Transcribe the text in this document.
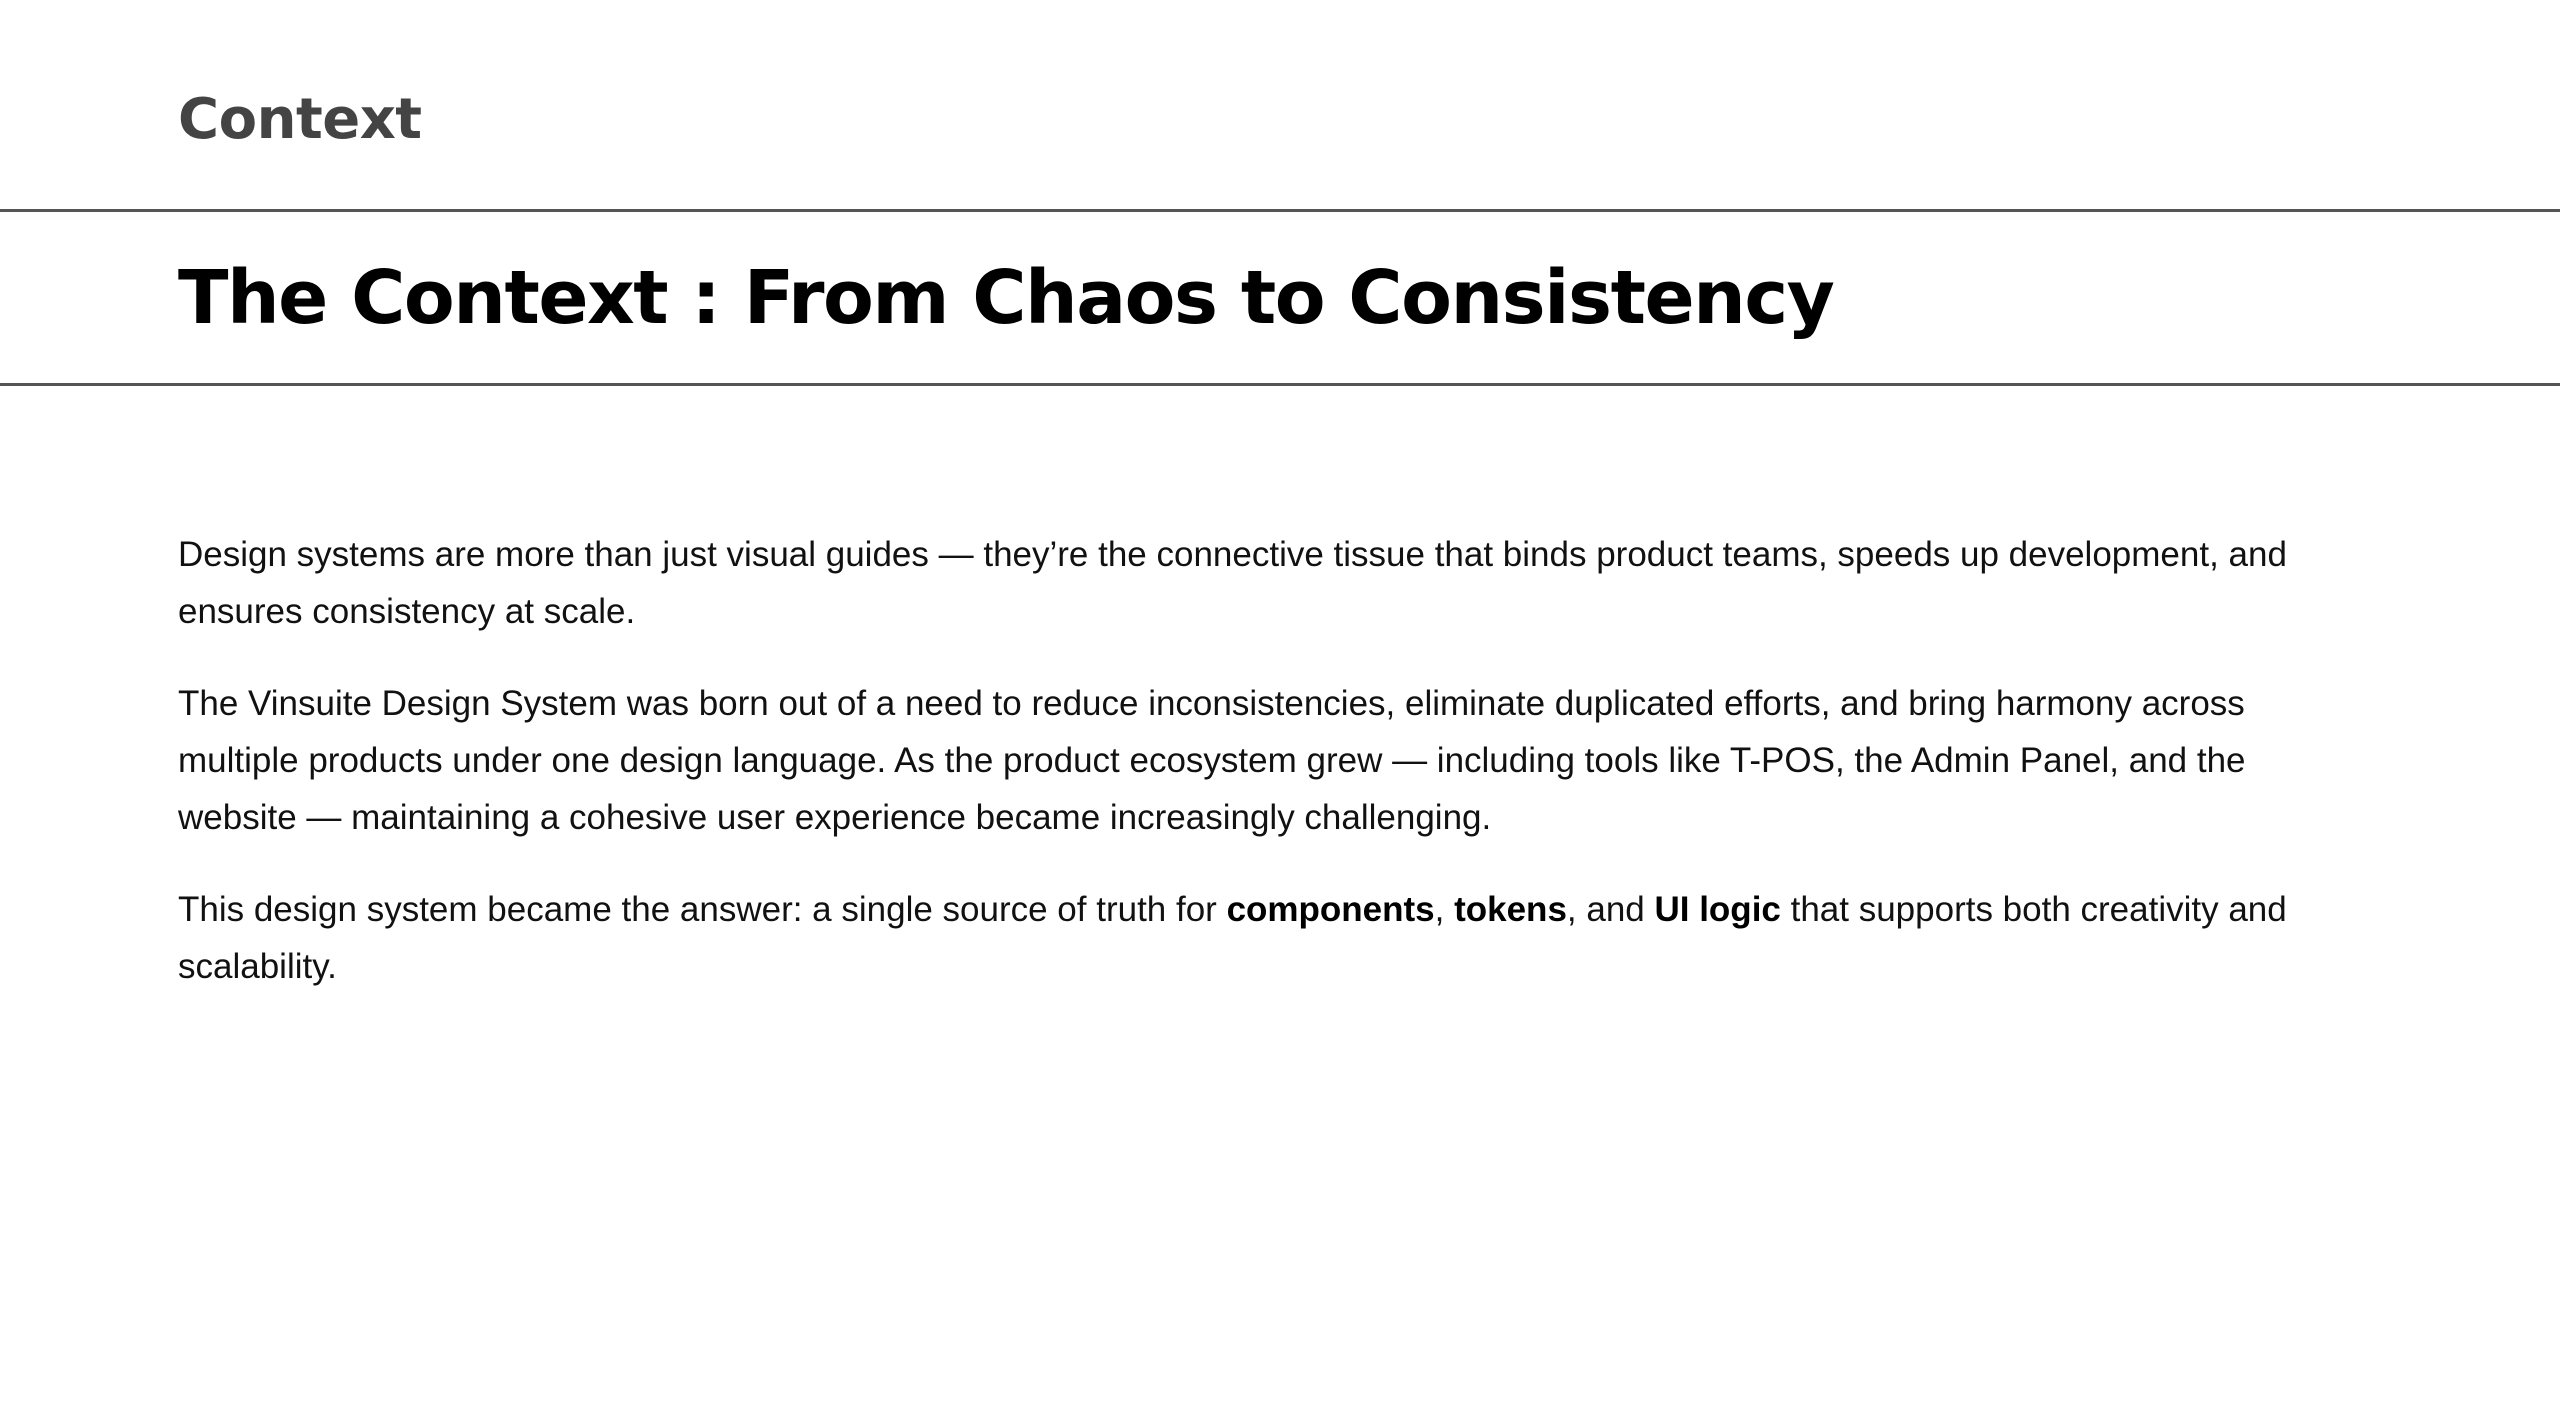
Context
The Context : From Chaos to Consistency

Design systems are more than just visual guides — they’re the connective tissue that binds product teams, speeds up development, and ensures consistency at scale.

The Vinsuite Design System was born out of a need to reduce inconsistencies, eliminate duplicated efforts, and bring harmony across multiple products under one design language. As the product ecosystem grew — including tools like T-POS, the Admin Panel, and the website — maintaining a cohesive user experience became increasingly challenging.

This design system became the answer: a single source of truth for components, tokens, and UI logic that supports both creativity and scalability.
